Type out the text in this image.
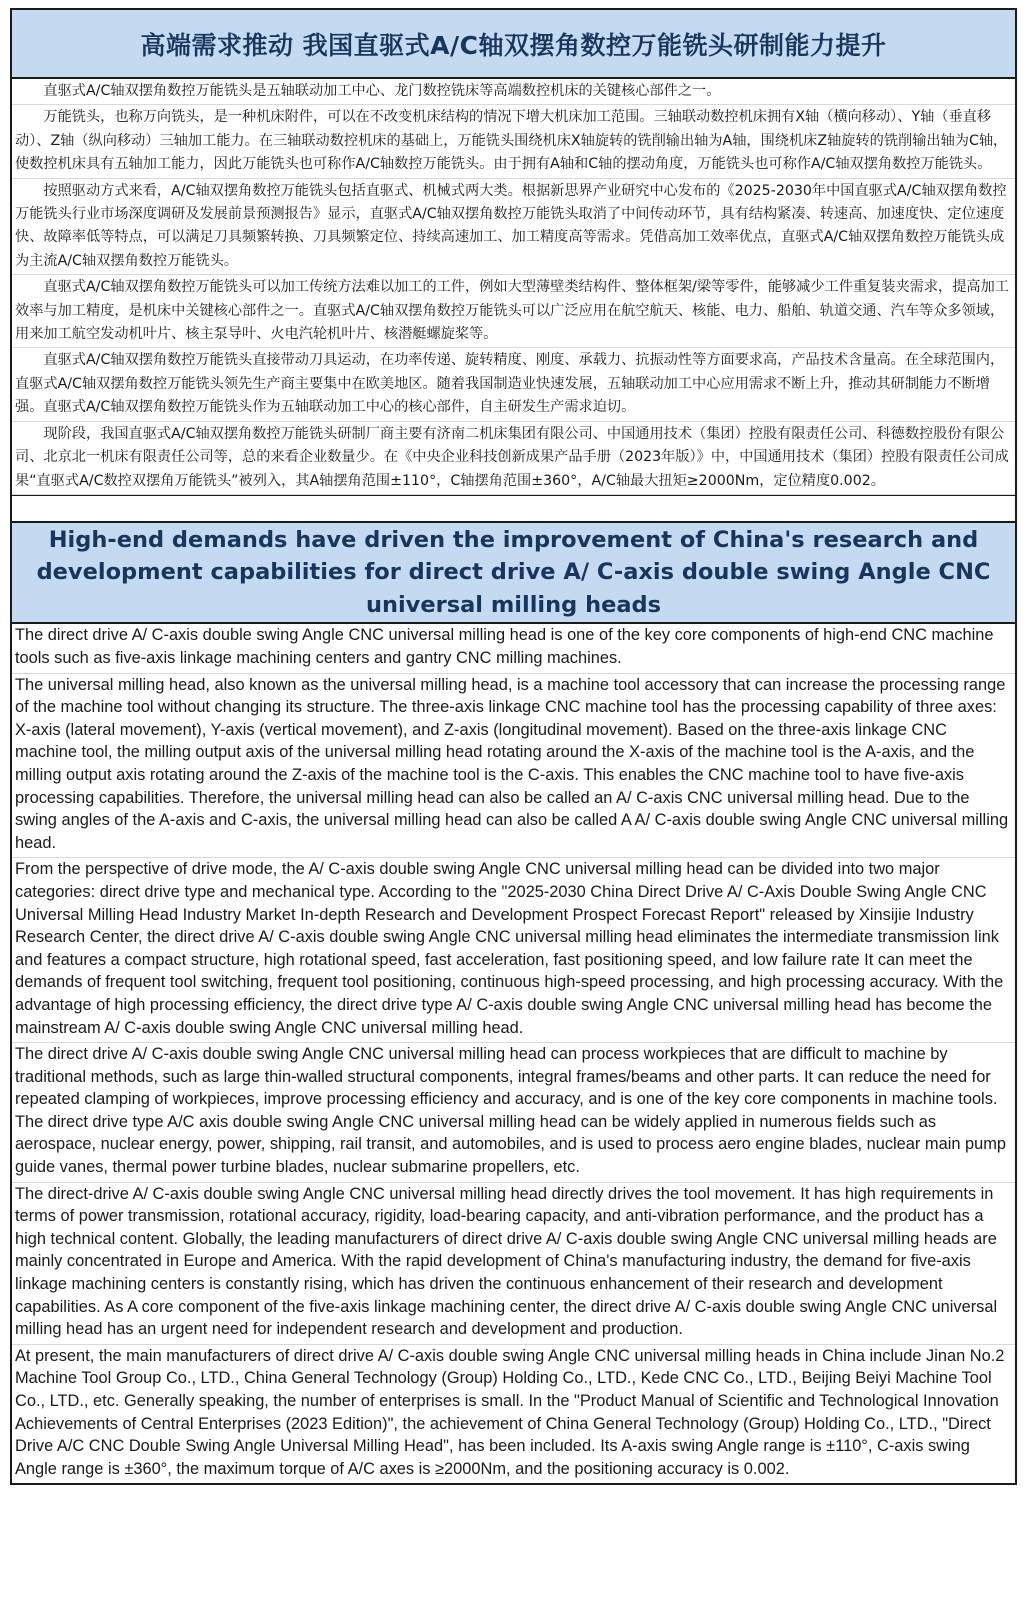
高端需求推动 我国直驱式A/C轴双摆角数控万能铣头研制能力提升
直驱式A/C轴双摆角数控万能铣头是五轴联动加工中心、龙门数控铣床等高端数控机床的关键核心部件之一。
万能铣头，也称万向铣头，是一种机床附件，可以在不改变机床结构的情况下增大机床加工范围。三轴联动数控机床拥有X轴（横向移动）、Y轴（垂直移动）、Z轴（纵向移动）三轴加工能力。在三轴联动数控机床的基础上，万能铣头围绕机床X轴旋转的铣削输出轴为A轴，围绕机床Z轴旋转的铣削输出轴为C轴，使数控机床具有五轴加工能力，因此万能铣头也可称作A/C轴数控万能铣头。由于拥有A轴和C轴的摆动角度，万能铣头也可称作A/C轴双摆角数控万能铣头。
按照驱动方式来看，A/C轴双摆角数控万能铣头包括直驱式、机械式两大类。根据新思界产业研究中心发布的《2025-2030年中国直驱式A/C轴双摆角数控万能铣头行业市场深度调研及发展前景预测报告》显示，直驱式A/C轴双摆角数控万能铣头取消了中间传动环节，具有结构紧凑、转速高、加速度快、定位速度快、故障率低等特点，可以满足刀具频繁转换、刀具频繁定位、持续高速加工、加工精度高等需求。凭借高加工效率优点，直驱式A/C轴双摆角数控万能铣头成为主流A/C轴双摆角数控万能铣头。
直驱式A/C轴双摆角数控万能铣头可以加工传统方法难以加工的工件，例如大型薄壁类结构件、整体框架/梁等零件，能够减少工件重复装夹需求，提高加工效率与加工精度，是机床中关键核心部件之一。直驱式A/C轴双摆角数控万能铣头可以广泛应用在航空航天、核能、电力、船舶、轨道交通、汽车等众多领域，用来加工航空发动机叶片、核主泵导叶、火电汽轮机叶片、核潜艇螺旋桨等。
直驱式A/C轴双摆角数控万能铣头直接带动刀具运动，在功率传递、旋转精度、刚度、承载力、抗振动性等方面要求高，产品技术含量高。在全球范围内，直驱式A/C轴双摆角数控万能铣头领先生产商主要集中在欧美地区。随着我国制造业快速发展，五轴联动加工中心应用需求不断上升，推动其研制能力不断增强。直驱式A/C轴双摆角数控万能铣头作为五轴联动加工中心的核心部件，自主研发生产需求迫切。
现阶段，我国直驱式A/C轴双摆角数控万能铣头研制厂商主要有济南二机床集团有限公司、中国通用技术（集团）控股有限责任公司、科德数控股份有限公司、北京北一机床有限责任公司等，总的来看企业数量少。在《中央企业科技创新成果产品手册（2023年版）》中，中国通用技术（集团）控股有限责任公司成果“直驱式A/C数控双摆角万能铣头”被列入，其A轴摆角范围±110°，C轴摆角范围±360°，A/C轴最大扭矩≥2000Nm，定位精度0.002。
High-end demands have driven the improvement of China's research and development capabilities for direct drive A/ C-axis double swing Angle CNC universal milling heads
The direct drive A/ C-axis double swing Angle CNC universal milling head is one of the key core components of high-end CNC machine tools such as five-axis linkage machining centers and gantry CNC milling machines.
The universal milling head, also known as the universal milling head, is a machine tool accessory that can increase the processing range of the machine tool without changing its structure. The three-axis linkage CNC machine tool has the processing capability of three axes: X-axis (lateral movement), Y-axis (vertical movement), and Z-axis (longitudinal movement). Based on the three-axis linkage CNC machine tool, the milling output axis of the universal milling head rotating around the X-axis of the machine tool is the A-axis, and the milling output axis rotating around the Z-axis of the machine tool is the C-axis. This enables the CNC machine tool to have five-axis processing capabilities. Therefore, the universal milling head can also be called an A/ C-axis CNC universal milling head. Due to the swing angles of the A-axis and C-axis, the universal milling head can also be called A A/ C-axis double swing Angle CNC universal milling head.
From the perspective of drive mode, the A/ C-axis double swing Angle CNC universal milling head can be divided into two major categories: direct drive type and mechanical type. According to the "2025-2030 China Direct Drive A/ C-Axis Double Swing Angle CNC Universal Milling Head Industry Market In-depth Research and Development Prospect Forecast Report" released by Xinsijie Industry Research Center, the direct drive A/ C-axis double swing Angle CNC universal milling head eliminates the intermediate transmission link and features a compact structure, high rotational speed, fast acceleration, fast positioning speed, and low failure rate It can meet the demands of frequent tool switching, frequent tool positioning, continuous high-speed processing, and high processing accuracy. With the advantage of high processing efficiency, the direct drive type A/ C-axis double swing Angle CNC universal milling head has become the mainstream A/ C-axis double swing Angle CNC universal milling head.
The direct drive A/ C-axis double swing Angle CNC universal milling head can process workpieces that are difficult to machine by traditional methods, such as large thin-walled structural components, integral frames/beams and other parts. It can reduce the need for repeated clamping of workpieces, improve processing efficiency and accuracy, and is one of the key core components in machine tools. The direct drive type A/C axis double swing Angle CNC universal milling head can be widely applied in numerous fields such as aerospace, nuclear energy, power, shipping, rail transit, and automobiles, and is used to process aero engine blades, nuclear main pump guide vanes, thermal power turbine blades, nuclear submarine propellers, etc.
The direct-drive A/ C-axis double swing Angle CNC universal milling head directly drives the tool movement. It has high requirements in terms of power transmission, rotational accuracy, rigidity, load-bearing capacity, and anti-vibration performance, and the product has a high technical content. Globally, the leading manufacturers of direct drive A/ C-axis double swing Angle CNC universal milling heads are mainly concentrated in Europe and America. With the rapid development of China's manufacturing industry, the demand for five-axis linkage machining centers is constantly rising, which has driven the continuous enhancement of their research and development capabilities. As A core component of the five-axis linkage machining center, the direct drive A/ C-axis double swing Angle CNC universal milling head has an urgent need for independent research and development and production.
At present, the main manufacturers of direct drive A/ C-axis double swing Angle CNC universal milling heads in China include Jinan No.2 Machine Tool Group Co., LTD., China General Technology (Group) Holding Co., LTD., Kede CNC Co., LTD., Beijing Beiyi Machine Tool Co., LTD., etc. Generally speaking, the number of enterprises is small. In the "Product Manual of Scientific and Technological Innovation Achievements of Central Enterprises (2023 Edition)", the achievement of China General Technology (Group) Holding Co., LTD., "Direct Drive A/C CNC Double Swing Angle Universal Milling Head", has been included. Its A-axis swing Angle range is ±110°, C-axis swing Angle range is ±360°, the maximum torque of A/C axes is ≥2000Nm, and the positioning accuracy is 0.002.
